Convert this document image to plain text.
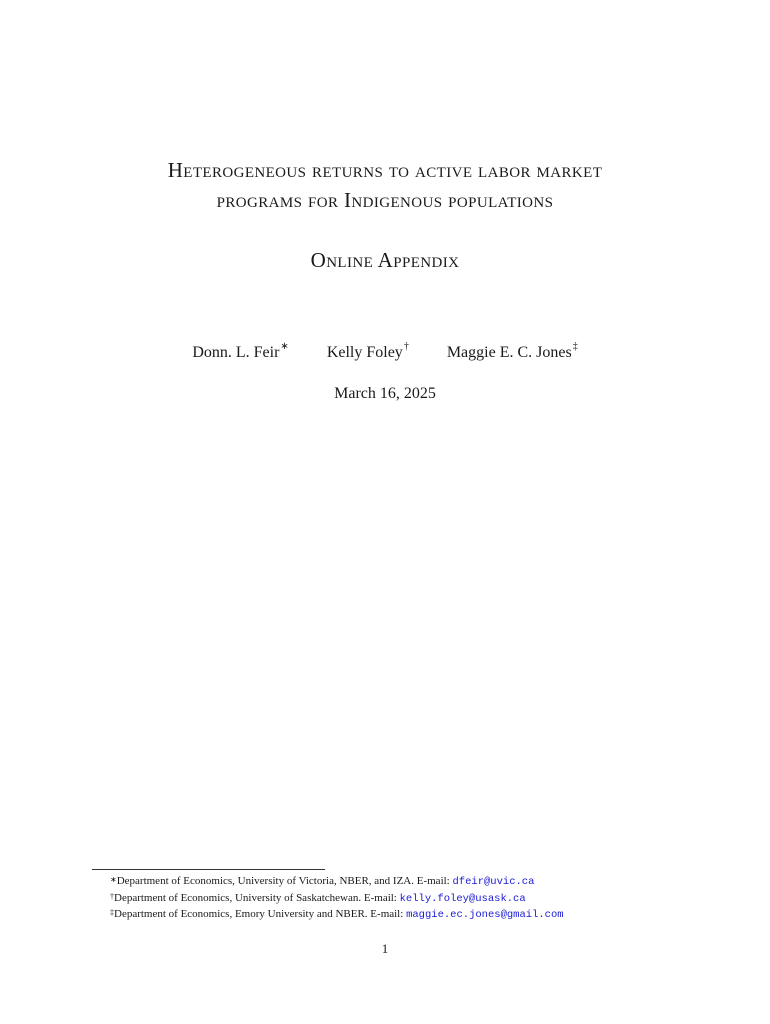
Heterogeneous returns to active labor market
programs for Indigenous populations
Online Appendix
Donn. L. Feir∗ Kelly Foley† Maggie E. C. Jones‡
March 16, 2025
∗Department of Economics, University of Victoria, NBER, and IZA. E-mail: dfeir@uvic.ca
†Department of Economics, University of Saskatchewan. E-mail: kelly.foley@usask.ca
‡Department of Economics, Emory University and NBER. E-mail: maggie.ec.jones@gmail.com
1
